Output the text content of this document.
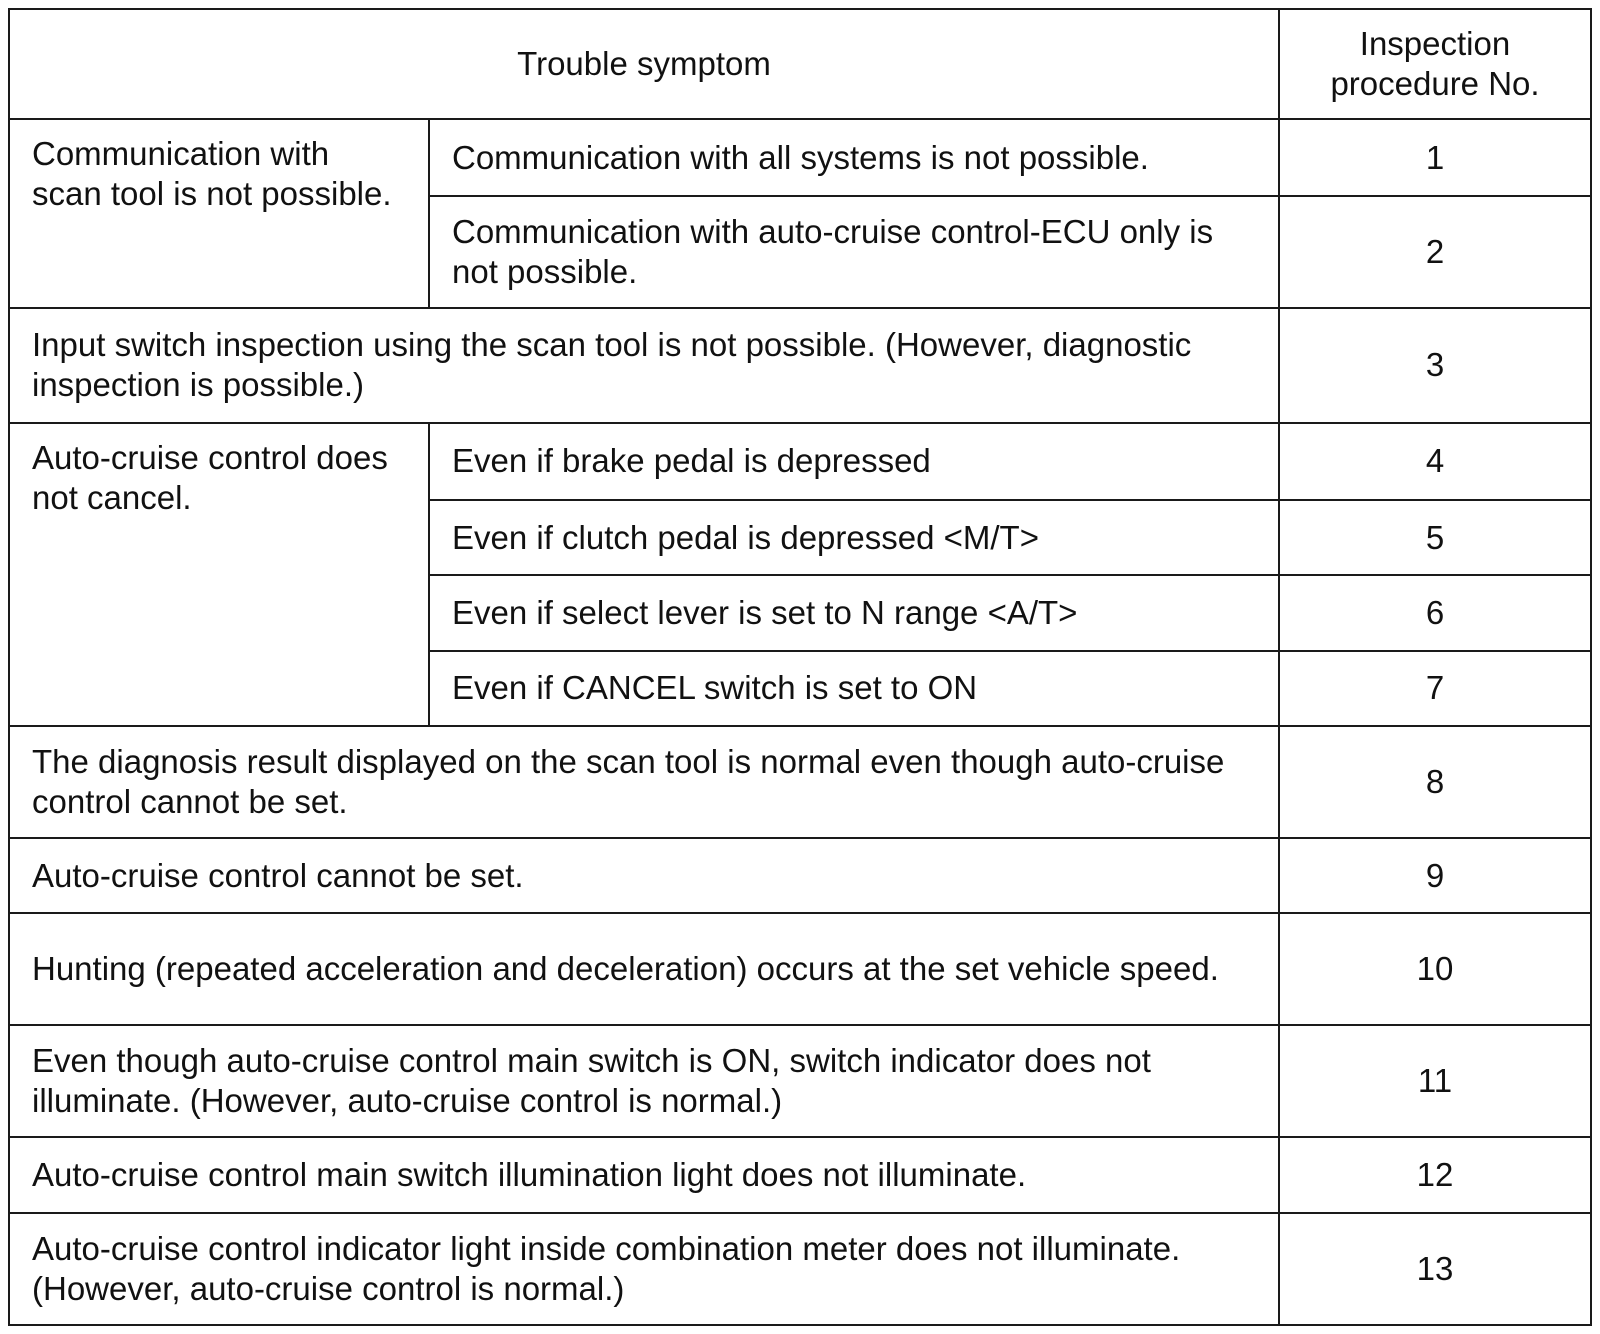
Trouble symptom		Inspection procedure No.
Communication with scan tool is not possible.	Communication with all systems is not possible.	1
	Communication with auto-cruise control-ECU only is not possible.	2
Input switch inspection using the scan tool is not possible. (However, diagnostic inspection is possible.)		3
Auto-cruise control does not cancel.	Even if brake pedal is depressed	4
	Even if clutch pedal is depressed <M/T>	5
	Even if select lever is set to N range <A/T>	6
	Even if CANCEL switch is set to ON	7
The diagnosis result displayed on the scan tool is normal even though auto-cruise control cannot be set.		8
Auto-cruise control cannot be set.		9
Hunting (repeated acceleration and deceleration) occurs at the set vehicle speed.		10
Even though auto-cruise control main switch is ON, switch indicator does not illuminate. (However, auto-cruise control is normal.)		11
Auto-cruise control main switch illumination light does not illuminate.		12
Auto-cruise control indicator light inside combination meter does not illuminate. (However, auto-cruise control is normal.)		13
